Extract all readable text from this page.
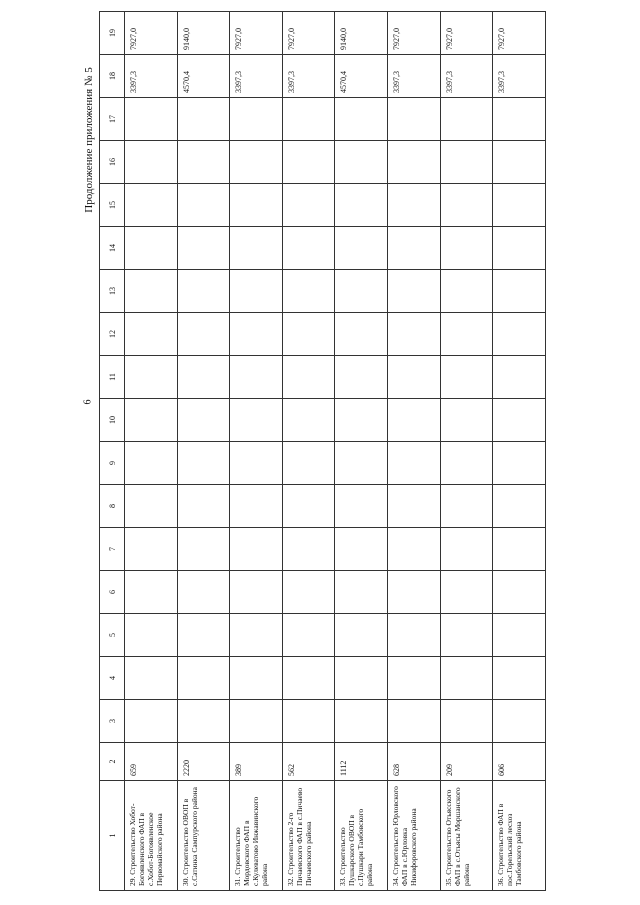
6
Продолжение приложения № 5
1	2	3	4	5	6	7	8	9	10	11	12	13	14	15	16	17	18	19
29. Строительство Хобот-Богоявленского ФАП в с.Хобот-Богоявленское Первомайского района	659																3397,3	7927,0
30. Строительство ОВОП в с.Сатинка Сампурского района	2220																4570,4	9140,0
31. Строительство Мордовского ФАП в с.Кулеватово Инжавинского района	389																3397,3	7927,0
32. Строительство 2-го Пичаевского ФАП в с.Пичаево Пичаевского района	562																3397,3	7927,0
33. Строительство Пушкарского ОВОП в с.Пушкари Тамбовского района	1112																4570,4	9140,0
34. Строительство Юрловского ФАП в с.Юрловка Никифоровского района	628																3397,3	7927,0
35. Строительство Отьясского ФАП в с.Отьясы Моршанского района	209																3397,3	7927,0
36. Строительство ФАП в пос.Горельский лесхоз Тамбовского района	606																3397,3	7927,0
